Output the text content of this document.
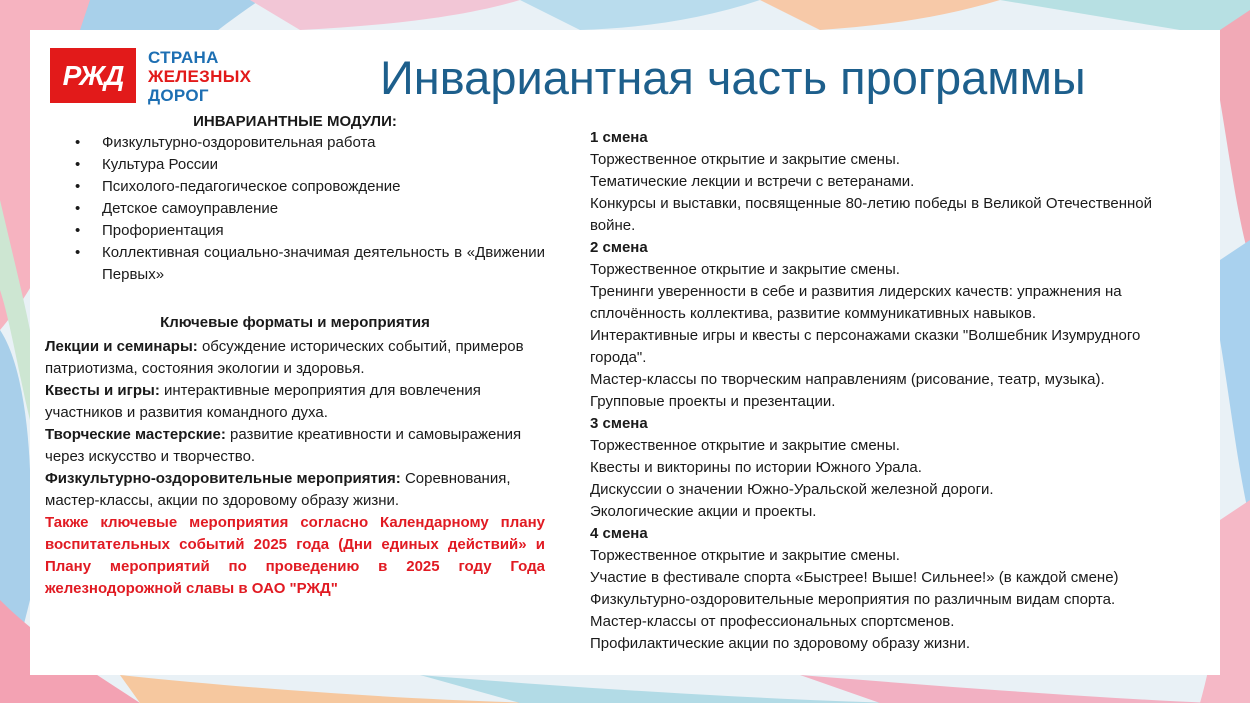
РЖД
СТРАНА
ЖЕЛЕЗНЫХ
ДОРОГ	Инвариантная часть программы
ИНВАРИАНТНЫЕ МОДУЛИ:
• Физкультурно-оздоровительная работа
• Культура России
• Психолого-педагогическое сопровождение
• Детское самоуправление
• Профориентация
• Коллективная социально-значимая деятельность в «Движении Первых»
Ключевые форматы и мероприятия

Лекции и семинары: обсуждение исторических событий, примеров патриотизма, состояния экологии и здоровья.

Квесты и игры: интерактивные мероприятия для вовлечения участников и развития командного духа.

Творческие мастерские: развитие креативности и самовыражения через искусство и творчество.

Физкультурно-оздоровительные мероприятия: Соревнования, мастер-классы, акции по здоровому образу жизни.

Также ключевые мероприятия согласно Календарному плану воспитательных событий 2025 года (Дни единых действий» и Плану мероприятий по проведению в 2025 году Года железнодорожной славы в ОАО "РЖД"

1 смена
Торжественное открытие и закрытие смены.
Тематические лекции и встречи с ветеранами.
Конкурсы и выставки, посвященные 80-летию победы в Великой Отечественной войне.
2 смена
Торжественное открытие и закрытие смены.
Тренинги уверенности в себе и развития лидерских качеств: упражнения на сплочённость коллектива, развитие коммуникативных навыков.
Интерактивные игры и квесты с персонажами сказки "Волшебник Изумрудного города".
Мастер-классы по творческим направлениям (рисование, театр, музыка).
Групповые проекты и презентации.
3 смена
Торжественное открытие и закрытие смены.
Квесты и викторины по истории Южного Урала.
Дискуссии о значении Южно-Уральской железной дороги.
Экологические акции и проекты.
4 смена
Торжественное открытие и закрытие смены.
Участие в фестивале спорта «Быстрее! Выше! Сильнее!» (в каждой смене)
Физкультурно-оздоровительные мероприятия по различным видам спорта.
Мастер-классы от профессиональных спортсменов.
Профилактические акции по здоровому образу жизни.
